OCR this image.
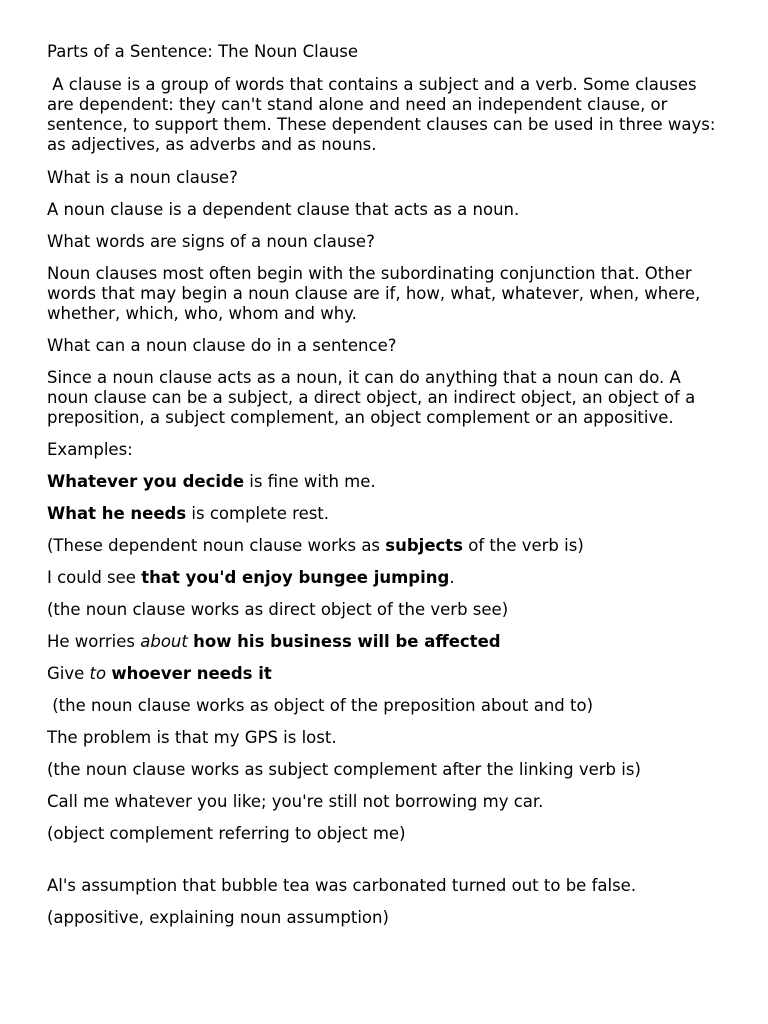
Parts of a Sentence: The Noun Clause

A clause is a group of words that contains a subject and a verb. Some clauses are dependent: they can't stand alone and need an independent clause, or sentence, to support them. These dependent clauses can be used in three ways: as adjectives, as adverbs and as nouns.

What is a noun clause?

A noun clause is a dependent clause that acts as a noun.

What words are signs of a noun clause?

Noun clauses most often begin with the subordinating conjunction that. Other words that may begin a noun clause are if, how, what, whatever, when, where, whether, which, who, whom and why.

What can a noun clause do in a sentence?

Since a noun clause acts as a noun, it can do anything that a noun can do. A noun clause can be a subject, a direct object, an indirect object, an object of a preposition, a subject complement, an object complement or an appositive.

Examples:

Whatever you decide is fine with me.

What he needs is complete rest.

(These dependent noun clause works as subjects of the verb is)

I could see that you'd enjoy bungee jumping.

(the noun clause works as direct object of the verb see)

He worries about how his business will be affected

Give to whoever needs it

(the noun clause works as object of the preposition about and to)

The problem is that my GPS is lost.

(the noun clause works as subject complement after the linking verb is)

Call me whatever you like; you're still not borrowing my car.

(object complement referring to object me)

Al's assumption that bubble tea was carbonated turned out to be false.

(appositive, explaining noun assumption)
